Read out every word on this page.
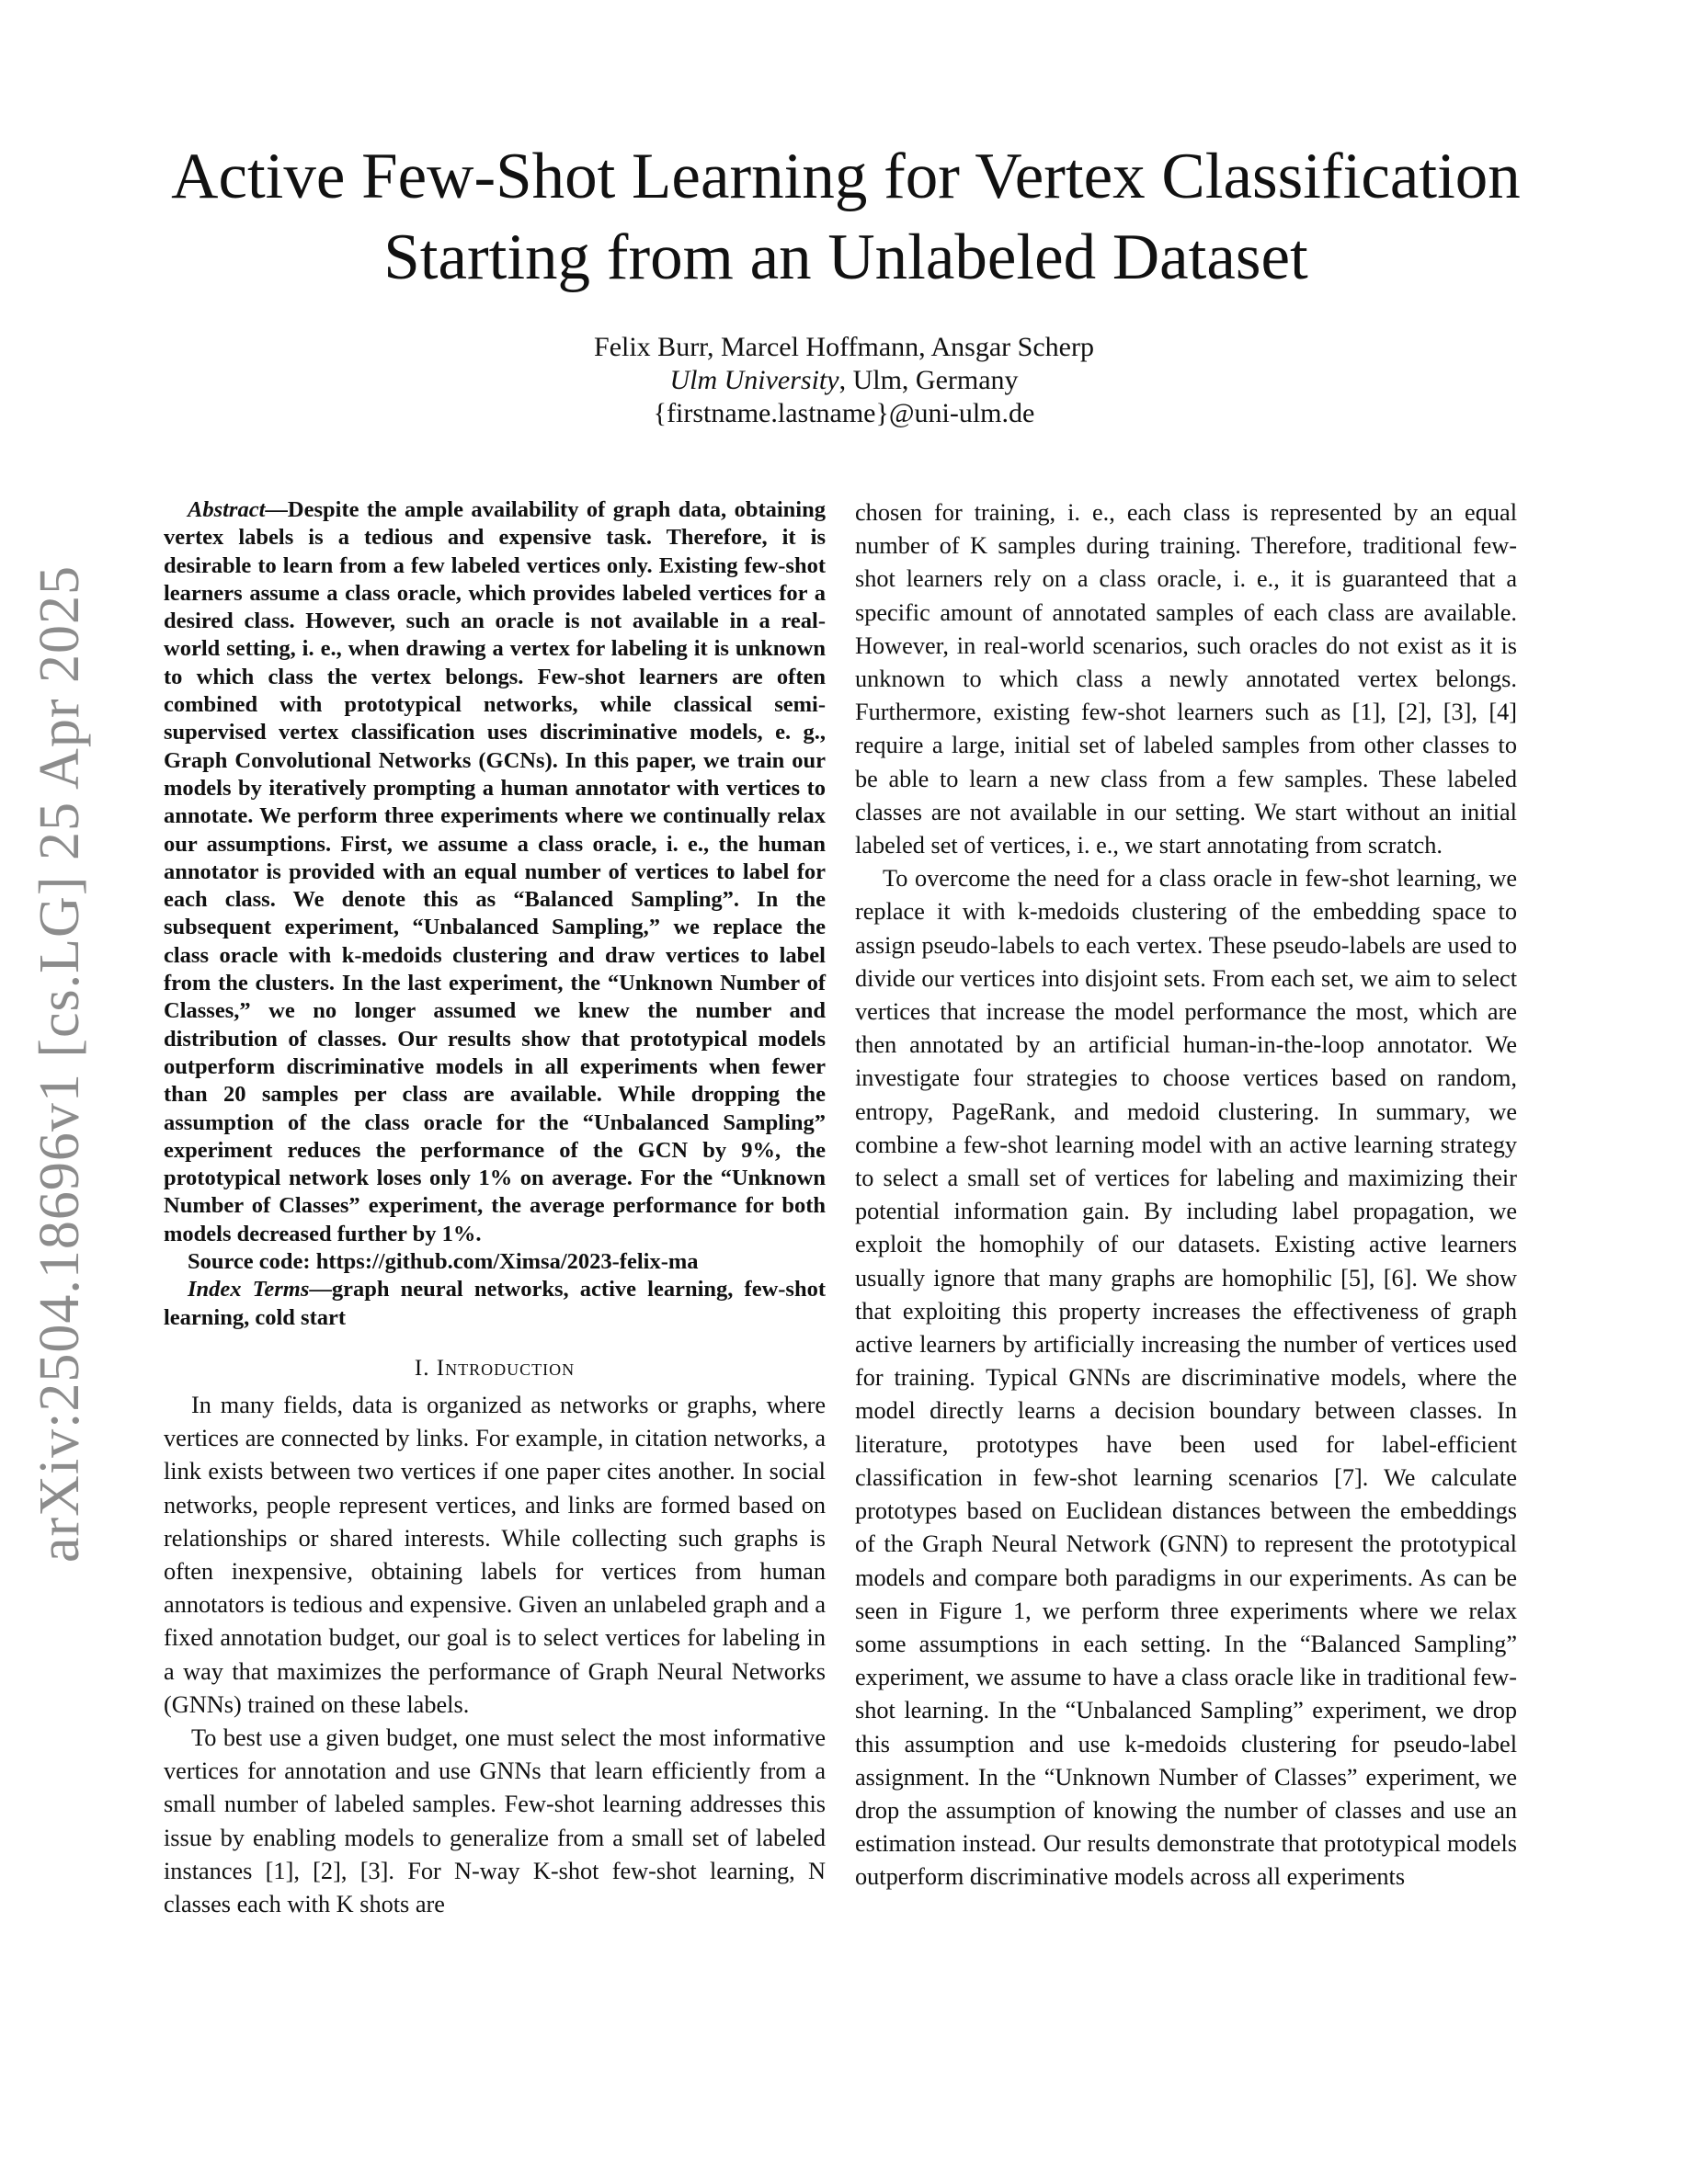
arXiv:2504.18696v1 [cs.LG] 25 Apr 2025
Active Few-Shot Learning for Vertex Classification
Starting from an Unlabeled Dataset
Felix Burr, Marcel Hoffmann, Ansgar Scherp
Ulm University, Ulm, Germany
{firstname.lastname}@uni-ulm.de

Abstract—Despite the ample availability of graph data, obtaining vertex labels is a tedious and expensive task. Therefore, it is desirable to learn from a few labeled vertices only. Existing few-shot learners assume a class oracle, which provides labeled vertices for a desired class. However, such an oracle is not available in a real-world setting, i. e., when drawing a vertex for labeling it is unknown to which class the vertex belongs. Few-shot learners are often combined with prototypical networks, while classical semi-supervised vertex classification uses discriminative models, e. g., Graph Convolutional Networks (GCNs). In this paper, we train our models by iteratively prompting a human annotator with vertices to annotate. We perform three experiments where we continually relax our assumptions. First, we assume a class oracle, i. e., the human annotator is provided with an equal number of vertices to label for each class. We denote this as “Balanced Sampling”. In the subsequent experiment, “Unbalanced Sampling,” we replace the class oracle with k-medoids clustering and draw vertices to label from the clusters. In the last experiment, the “Unknown Number of Classes,” we no longer assumed we knew the number and distribution of classes. Our results show that prototypical models outperform discriminative models in all experiments when fewer than 20 samples per class are available. While dropping the assumption of the class oracle for the “Unbalanced Sampling” experiment reduces the performance of the GCN by 9%, the prototypical network loses only 1% on average. For the “Unknown Number of Classes” experiment, the average performance for both models decreased further by 1%.

Source code: https://github.com/Ximsa/2023-felix-ma

Index Terms—graph neural networks, active learning, few-shot learning, cold start

I. Introduction

In many fields, data is organized as networks or graphs, where vertices are connected by links. For example, in citation networks, a link exists between two vertices if one paper cites another. In social networks, people represent vertices, and links are formed based on relationships or shared interests. While collecting such graphs is often inexpensive, obtaining labels for vertices from human annotators is tedious and expensive. Given an unlabeled graph and a fixed annotation budget, our goal is to select vertices for labeling in a way that maximizes the performance of Graph Neural Networks (GNNs) trained on these labels.

To best use a given budget, one must select the most informative vertices for annotation and use GNNs that learn efficiently from a small number of labeled samples. Few-shot learning addresses this issue by enabling models to generalize from a small set of labeled instances [1], [2], [3]. For N-way K-shot few-shot learning, N classes each with K shots are

chosen for training, i. e., each class is represented by an equal number of K samples during training. Therefore, traditional few-shot learners rely on a class oracle, i. e., it is guaranteed that a specific amount of annotated samples of each class are available. However, in real-world scenarios, such oracles do not exist as it is unknown to which class a newly annotated vertex belongs. Furthermore, existing few-shot learners such as [1], [2], [3], [4] require a large, initial set of labeled samples from other classes to be able to learn a new class from a few samples. These labeled classes are not available in our setting. We start without an initial labeled set of vertices, i. e., we start annotating from scratch.

To overcome the need for a class oracle in few-shot learning, we replace it with k-medoids clustering of the embedding space to assign pseudo-labels to each vertex. These pseudo-labels are used to divide our vertices into disjoint sets. From each set, we aim to select vertices that increase the model performance the most, which are then annotated by an artificial human-in-the-loop annotator. We investigate four strategies to choose vertices based on random, entropy, PageRank, and medoid clustering. In summary, we combine a few-shot learning model with an active learning strategy to select a small set of vertices for labeling and maximizing their potential information gain. By including label propagation, we exploit the homophily of our datasets. Existing active learners usually ignore that many graphs are homophilic [5], [6]. We show that exploiting this property increases the effectiveness of graph active learners by artificially increasing the number of vertices used for training. Typical GNNs are discriminative models, where the model directly learns a decision boundary between classes. In literature, prototypes have been used for label-efficient classification in few-shot learning scenarios [7]. We calculate prototypes based on Euclidean distances between the embeddings of the Graph Neural Network (GNN) to represent the prototypical models and compare both paradigms in our experiments. As can be seen in Figure 1, we perform three experiments where we relax some assumptions in each setting. In the “Balanced Sampling” experiment, we assume to have a class oracle like in traditional few-shot learning. In the “Unbalanced Sampling” experiment, we drop this assumption and use k-medoids clustering for pseudo-label assignment. In the “Unknown Number of Classes” experiment, we drop the assumption of knowing the number of classes and use an estimation instead. Our results demonstrate that prototypical models outperform discriminative models across all experiments
